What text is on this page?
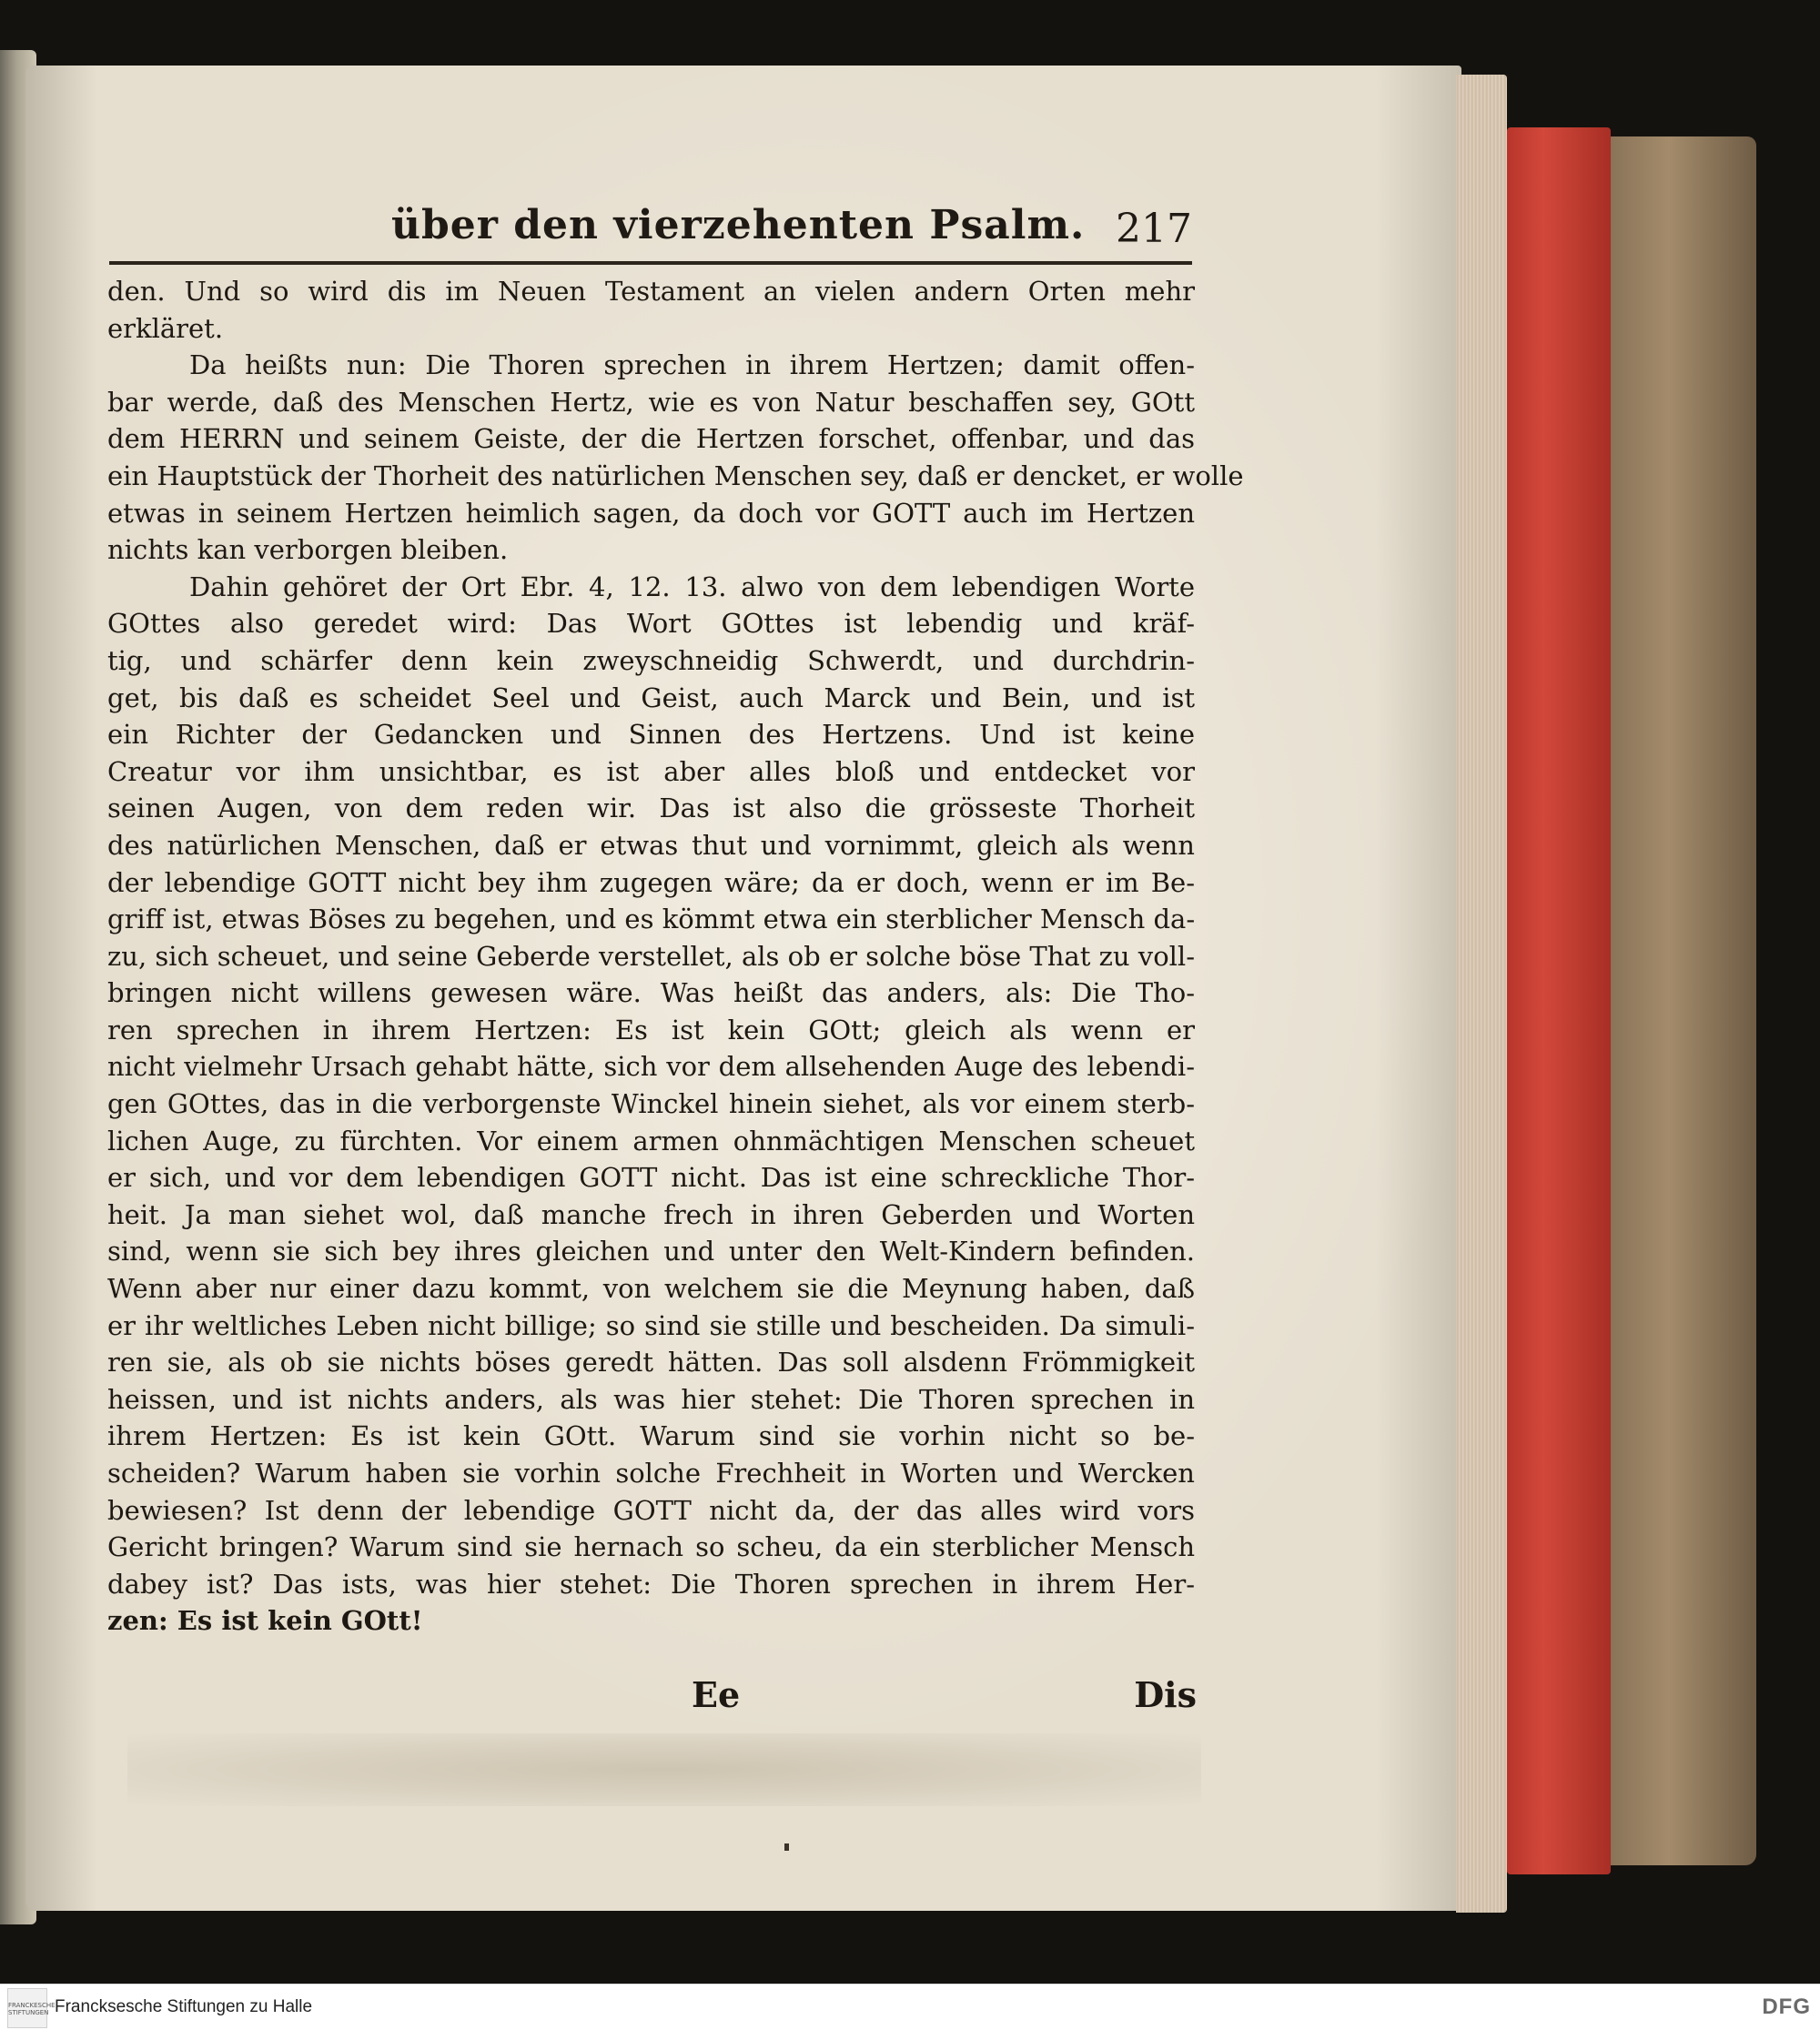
über den vierzehenten Psalm. 217
den. Und so wird dis im Neuen Testament an vielen andern Orten mehr
erkläret.
Da heißts nun: Die Thoren sprechen in ihrem Hertzen; damit offen-
bar werde, daß des Menschen Hertz, wie es von Natur beschaffen sey, GOtt
dem HERRN und seinem Geiste, der die Hertzen forschet, offenbar, und das
ein Hauptstück der Thorheit des natürlichen Menschen sey, daß er dencket, er wolle
etwas in seinem Hertzen heimlich sagen, da doch vor GOTT auch im Hertzen
nichts kan verborgen bleiben.
Dahin gehöret der Ort Ebr. 4, 12. 13. alwo von dem lebendigen Worte
GOttes also geredet wird: Das Wort GOttes ist lebendig und kräf-
tig, und schärfer denn kein zweyschneidig Schwerdt, und durchdrin-
get, bis daß es scheidet Seel und Geist, auch Marck und Bein, und ist
ein Richter der Gedancken und Sinnen des Hertzens. Und ist keine
Creatur vor ihm unsichtbar, es ist aber alles bloß und entdecket vor
seinen Augen, von dem reden wir. Das ist also die grösseste Thorheit
des natürlichen Menschen, daß er etwas thut und vornimmt, gleich als wenn
der lebendige GOTT nicht bey ihm zugegen wäre; da er doch, wenn er im Be-
griff ist, etwas Böses zu begehen, und es kömmt etwa ein sterblicher Mensch da-
zu, sich scheuet, und seine Geberde verstellet, als ob er solche böse That zu voll-
bringen nicht willens gewesen wäre. Was heißt das anders, als: Die Tho-
ren sprechen in ihrem Hertzen: Es ist kein GOtt; gleich als wenn er
nicht vielmehr Ursach gehabt hätte, sich vor dem allsehenden Auge des lebendi-
gen GOttes, das in die verborgenste Winckel hinein siehet, als vor einem sterb-
lichen Auge, zu fürchten. Vor einem armen ohnmächtigen Menschen scheuet
er sich, und vor dem lebendigen GOTT nicht. Das ist eine schreckliche Thor-
heit. Ja man siehet wol, daß manche frech in ihren Geberden und Worten
sind, wenn sie sich bey ihres gleichen und unter den Welt-Kindern befinden.
Wenn aber nur einer dazu kommt, von welchem sie die Meynung haben, daß
er ihr weltliches Leben nicht billige; so sind sie stille und bescheiden. Da simuli-
ren sie, als ob sie nichts böses geredt hätten. Das soll alsdenn Frömmigkeit
heissen, und ist nichts anders, als was hier stehet: Die Thoren sprechen in
ihrem Hertzen: Es ist kein GOtt. Warum sind sie vorhin nicht so be-
scheiden? Warum haben sie vorhin solche Frechheit in Worten und Wercken
bewiesen? Ist denn der lebendige GOTT nicht da, der das alles wird vors
Gericht bringen? Warum sind sie hernach so scheu, da ein sterblicher Mensch
dabey ist? Das ists, was hier stehet: Die Thoren sprechen in ihrem Her-
zen: Es ist kein GOtt!
Ee	Dis
FRANCKESCHE STIFTUNGEN Francksesche Stiftungen zu Halle	DFG
